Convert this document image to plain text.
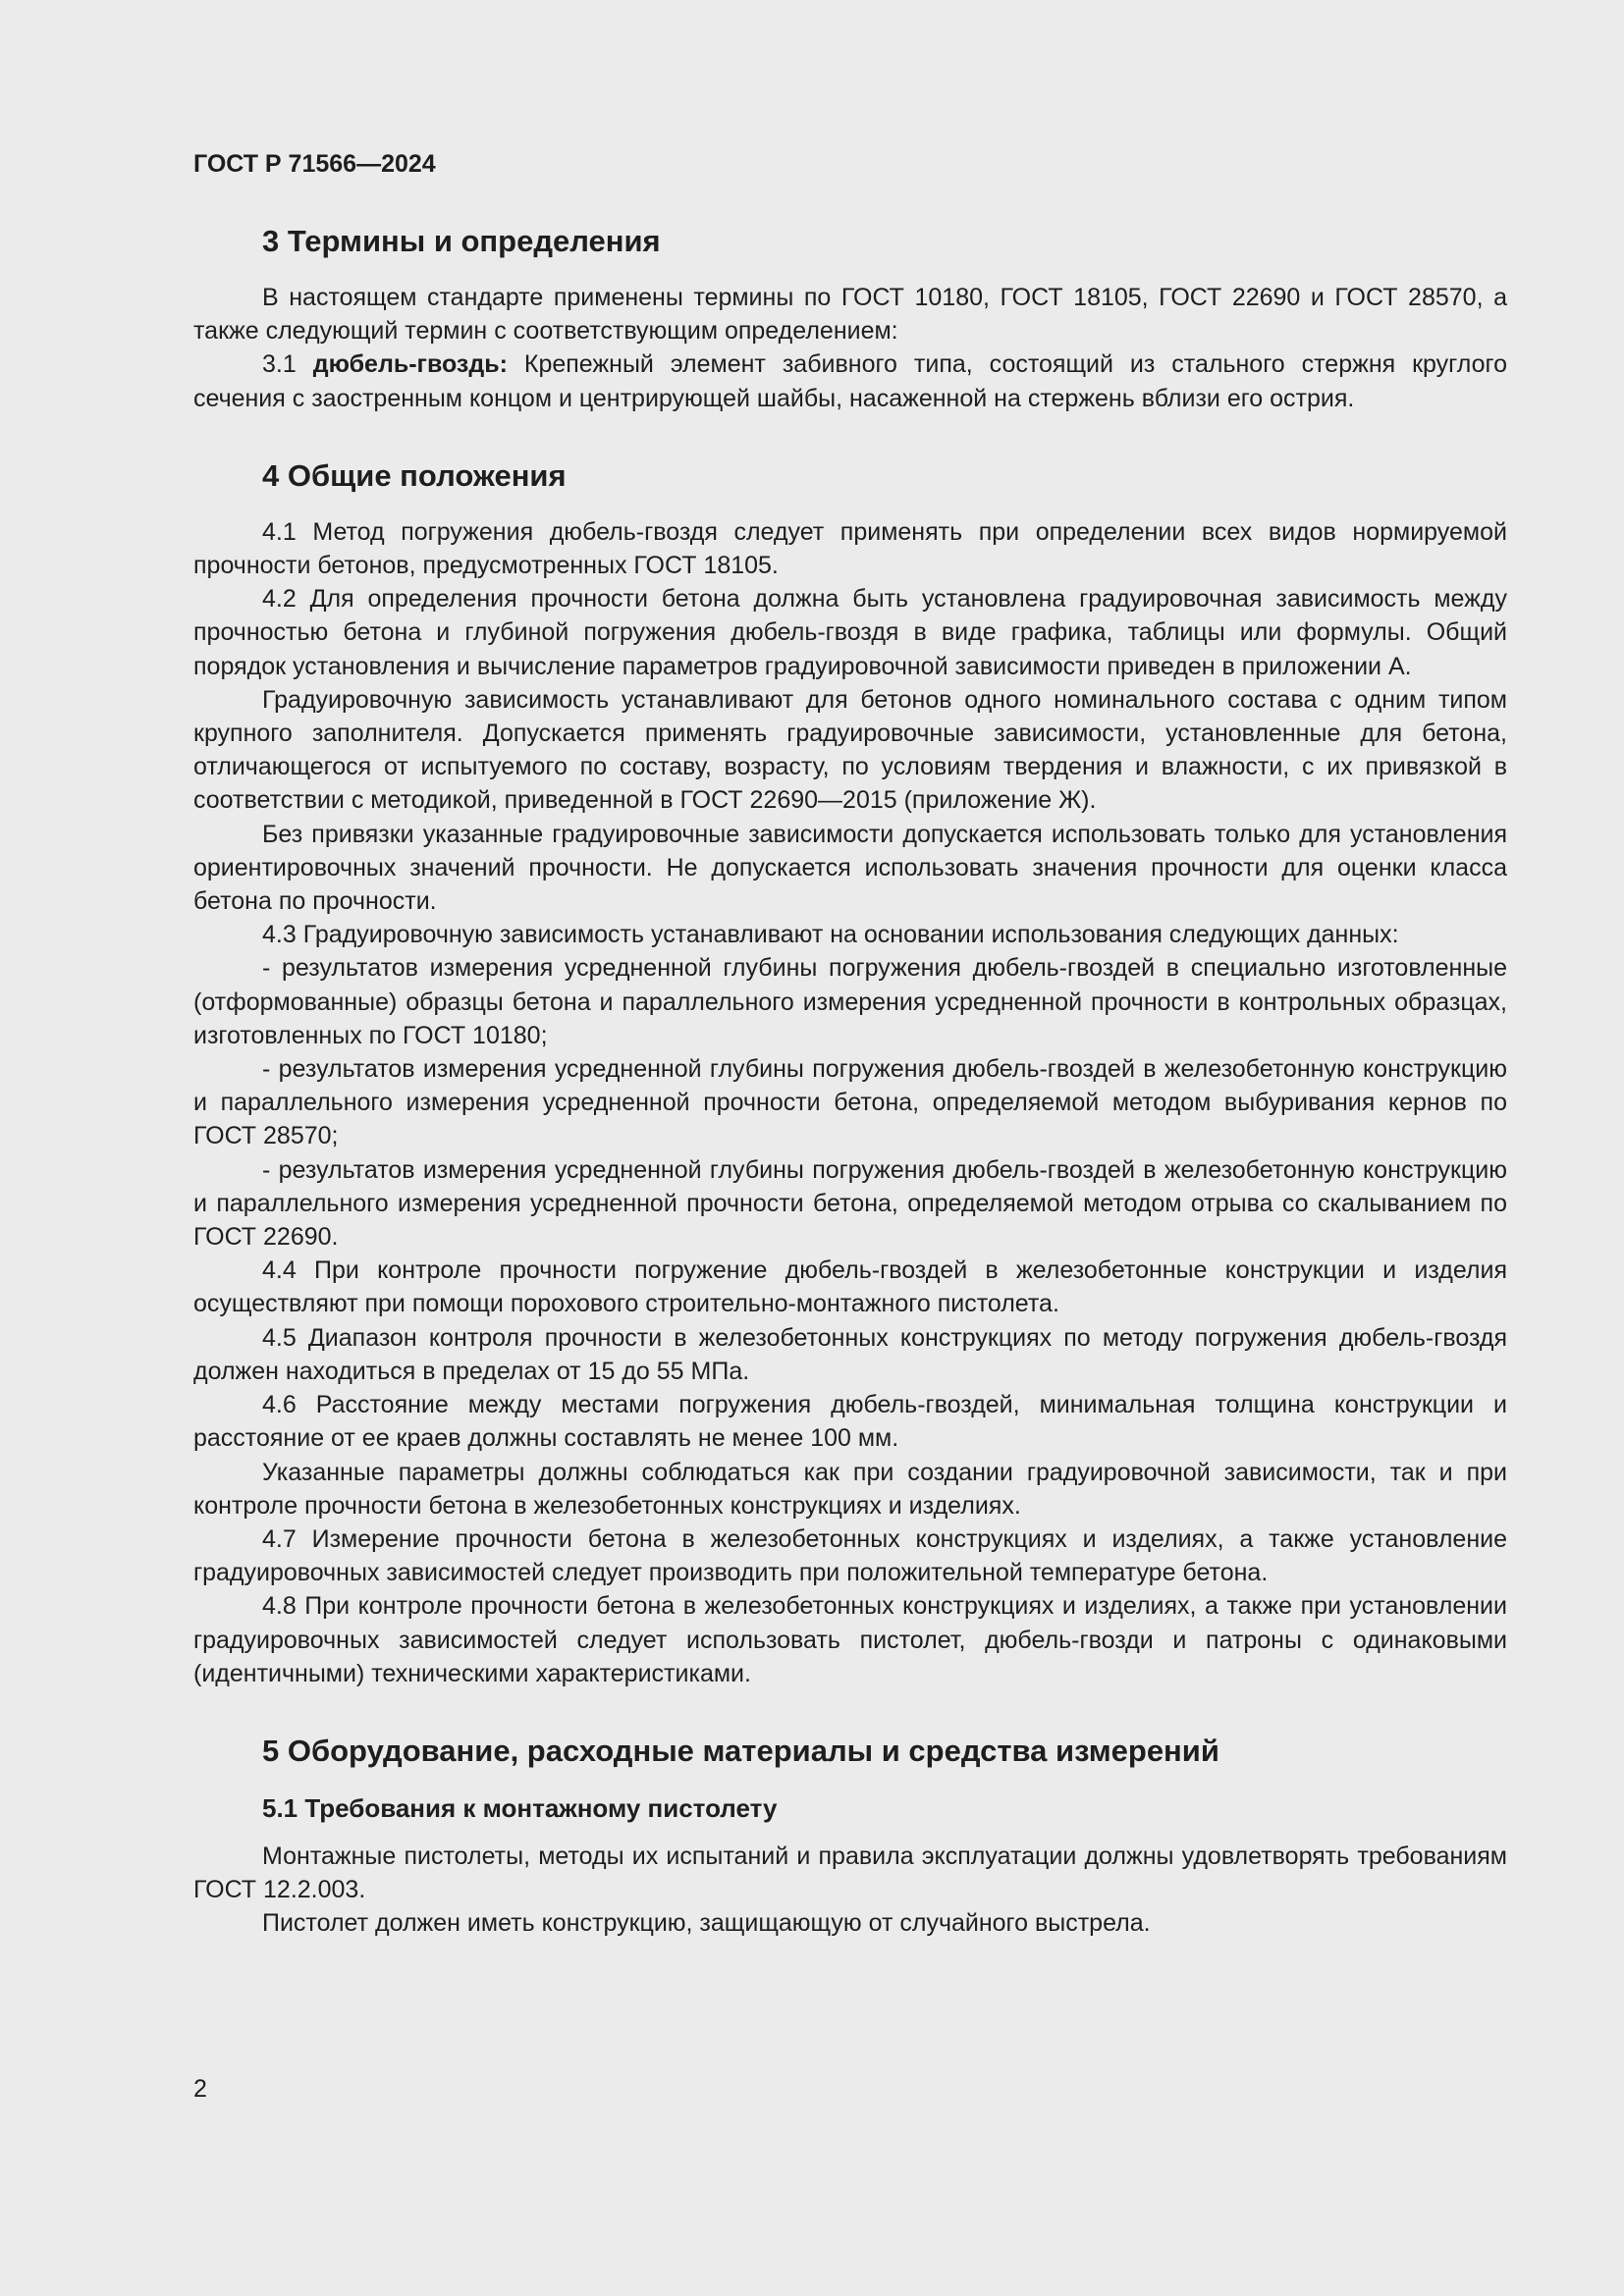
ГОСТ Р 71566—2024
3 Термины и определения

В настоящем стандарте применены термины по ГОСТ 10180, ГОСТ 18105, ГОСТ 22690 и ГОСТ 28570, а также следующий термин с соответствующим определением:

3.1 дюбель-гвоздь: Крепежный элемент забивного типа, состоящий из стального стержня круглого сечения с заостренным концом и центрирующей шайбы, насаженной на стержень вблизи его острия.

4 Общие положения

4.1 Метод погружения дюбель-гвоздя следует применять при определении всех видов нормируемой прочности бетонов, предусмотренных ГОСТ 18105.

4.2 Для определения прочности бетона должна быть установлена градуировочная зависимость между прочностью бетона и глубиной погружения дюбель-гвоздя в виде графика, таблицы или формулы. Общий порядок установления и вычисление параметров градуировочной зависимости приведен в приложении А.

Градуировочную зависимость устанавливают для бетонов одного номинального состава с одним типом крупного заполнителя. Допускается применять градуировочные зависимости, установленные для бетона, отличающегося от испытуемого по составу, возрасту, по условиям твердения и влажности, с их привязкой в соответствии с методикой, приведенной в ГОСТ 22690—2015 (приложение Ж).

Без привязки указанные градуировочные зависимости допускается использовать только для установления ориентировочных значений прочности. Не допускается использовать значения прочности для оценки класса бетона по прочности.

4.3 Градуировочную зависимость устанавливают на основании использования следующих данных:

- результатов измерения усредненной глубины погружения дюбель-гвоздей в специально изготовленные (отформованные) образцы бетона и параллельного измерения усредненной прочности в контрольных образцах, изготовленных по ГОСТ 10180;

- результатов измерения усредненной глубины погружения дюбель-гвоздей в железобетонную конструкцию и параллельного измерения усредненной прочности бетона, определяемой методом выбуривания кернов по ГОСТ 28570;

- результатов измерения усредненной глубины погружения дюбель-гвоздей в железобетонную конструкцию и параллельного измерения усредненной прочности бетона, определяемой методом отрыва со скалыванием по ГОСТ 22690.

4.4 При контроле прочности погружение дюбель-гвоздей в железобетонные конструкции и изделия осуществляют при помощи порохового строительно-монтажного пистолета.

4.5 Диапазон контроля прочности в железобетонных конструкциях по методу погружения дюбель-гвоздя должен находиться в пределах от 15 до 55 МПа.

4.6 Расстояние между местами погружения дюбель-гвоздей, минимальная толщина конструкции и расстояние от ее краев должны составлять не менее 100 мм.

Указанные параметры должны соблюдаться как при создании градуировочной зависимости, так и при контроле прочности бетона в железобетонных конструкциях и изделиях.

4.7 Измерение прочности бетона в железобетонных конструкциях и изделиях, а также установление градуировочных зависимостей следует производить при положительной температуре бетона.

4.8 При контроле прочности бетона в железобетонных конструкциях и изделиях, а также при установлении градуировочных зависимостей следует использовать пистолет, дюбель-гвозди и патроны с одинаковыми (идентичными) техническими характеристиками.

5 Оборудование, расходные материалы и средства измерений
5.1 Требования к монтажному пистолету

Монтажные пистолеты, методы их испытаний и правила эксплуатации должны удовлетворять требованиям ГОСТ 12.2.003.

Пистолет должен иметь конструкцию, защищающую от случайного выстрела.

2
